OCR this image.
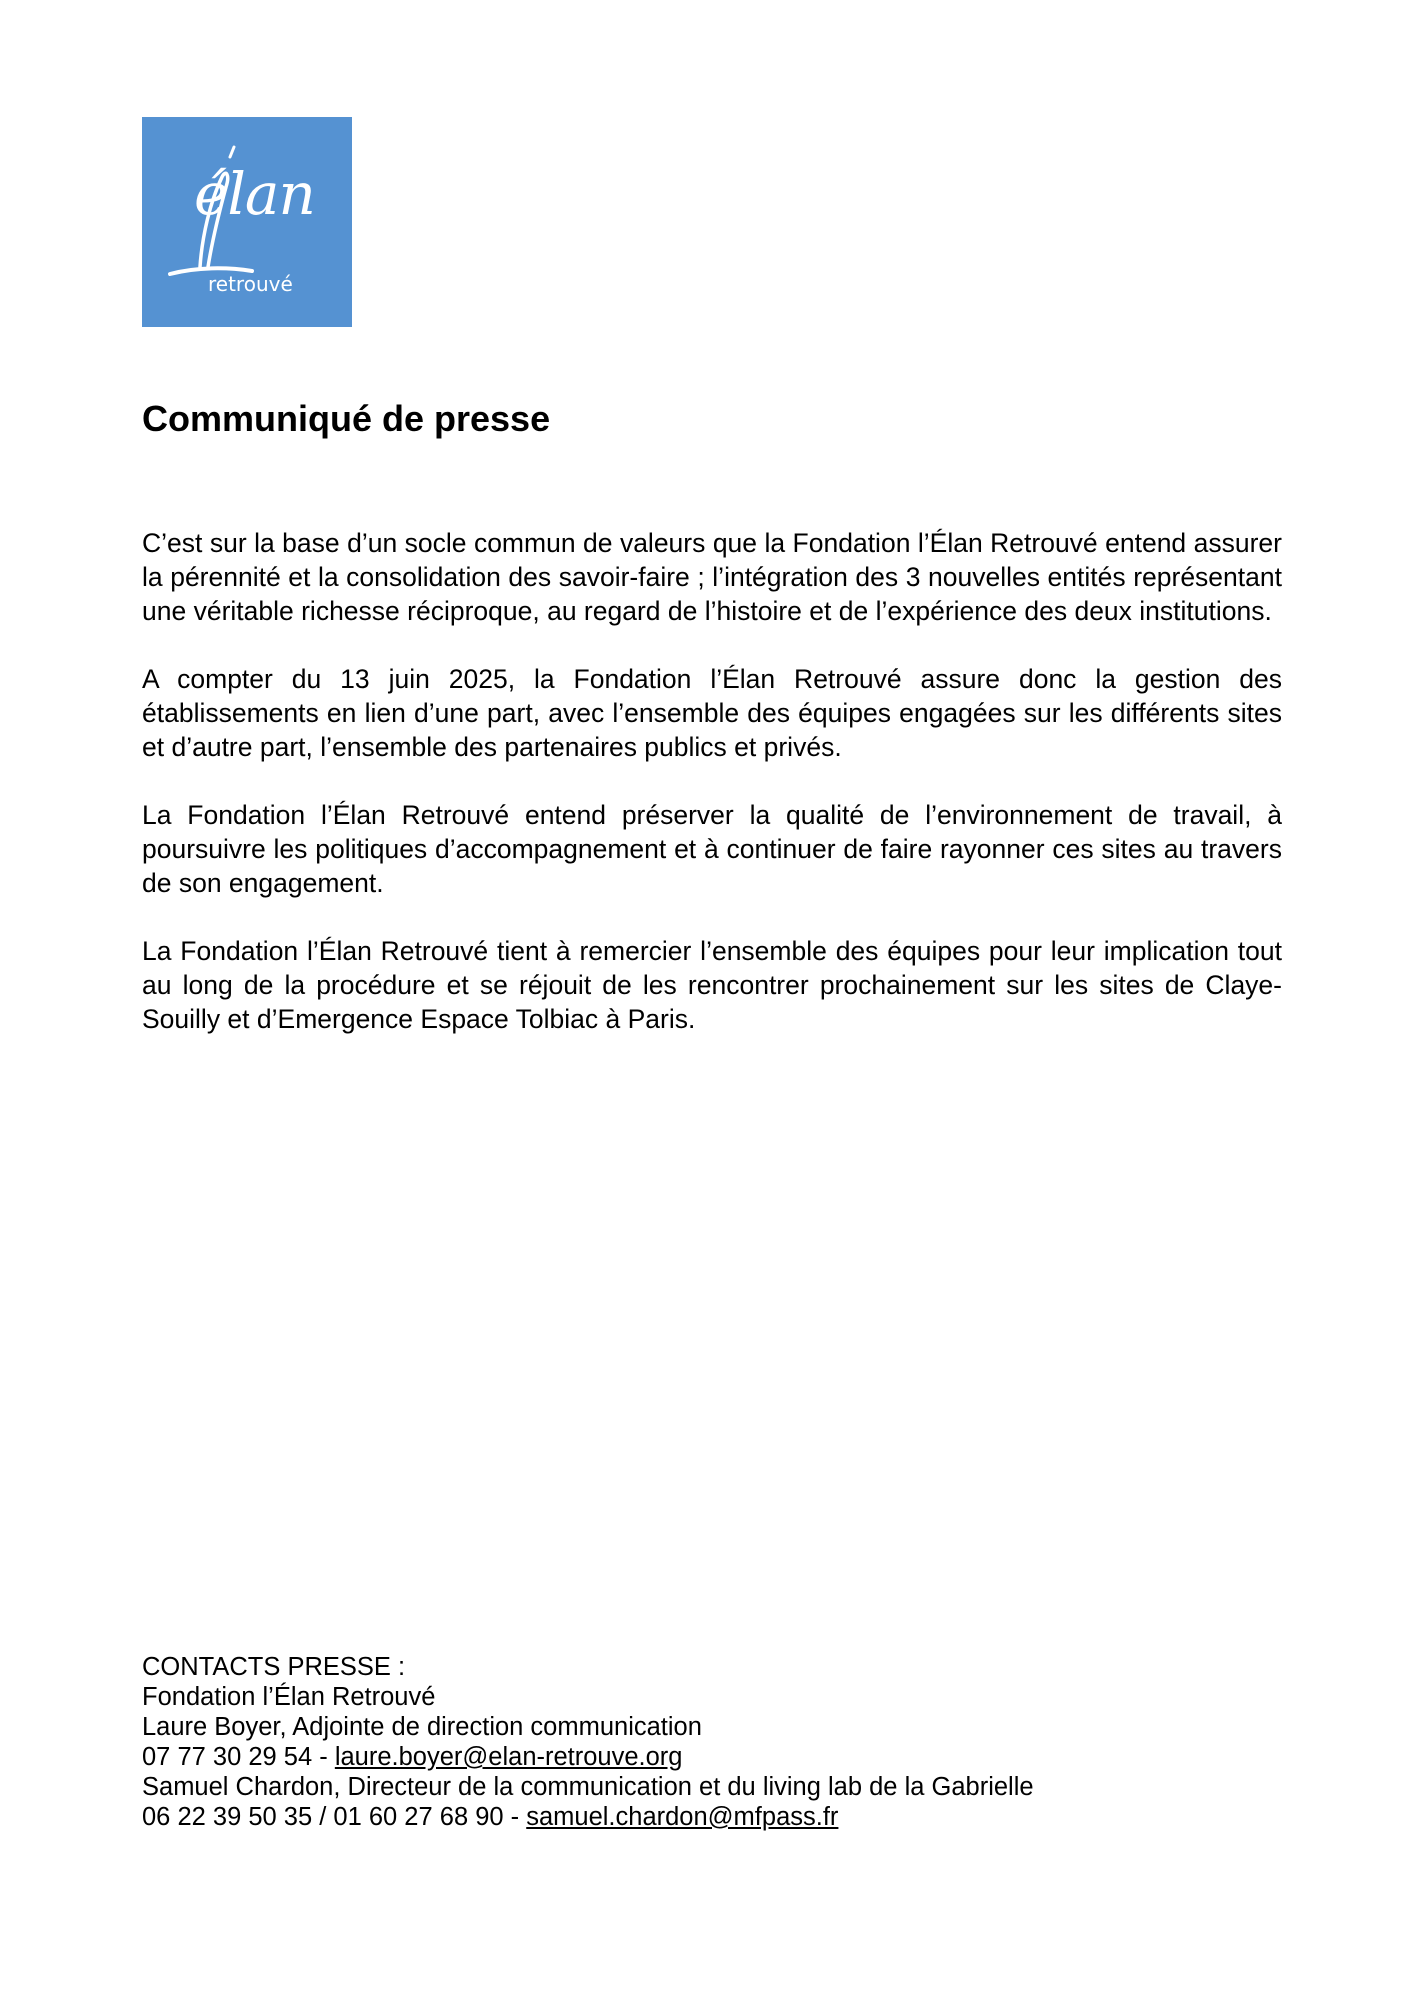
élan
retrouvé
Communiqué de presse

C’est sur la base d’un socle commun de valeurs que la Fondation l’Élan Retrouvé entend assurer la pérennité et la consolidation des savoir-faire ; l’intégration des 3 nouvelles entités représentant une véritable richesse réciproque, au regard de l’histoire et de l’expérience des deux institutions.

A compter du 13 juin 2025, la Fondation l’Élan Retrouvé assure donc la gestion des établissements en lien d’une part, avec l’ensemble des équipes engagées sur les différents sites et d’autre part, l’ensemble des partenaires publics et privés.

La Fondation l’Élan Retrouvé entend préserver la qualité de l’environnement de travail, à poursuivre les politiques d’accompagnement et à continuer de faire rayonner ces sites au travers de son engagement.

La Fondation l’Élan Retrouvé tient à remercier l’ensemble des équipes pour leur implication tout au long de la procédure et se réjouit de les rencontrer prochainement sur les sites de Claye-Souilly et d’Emergence Espace Tolbiac à Paris.

CONTACTS PRESSE :
Fondation l’Élan Retrouvé
Laure Boyer, Adjointe de direction communication
07 77 30 29 54 - laure.boyer@elan-retrouve.org
Samuel Chardon, Directeur de la communication et du living lab de la Gabrielle
06 22 39 50 35 / 01 60 27 68 90 - samuel.chardon@mfpass.fr
